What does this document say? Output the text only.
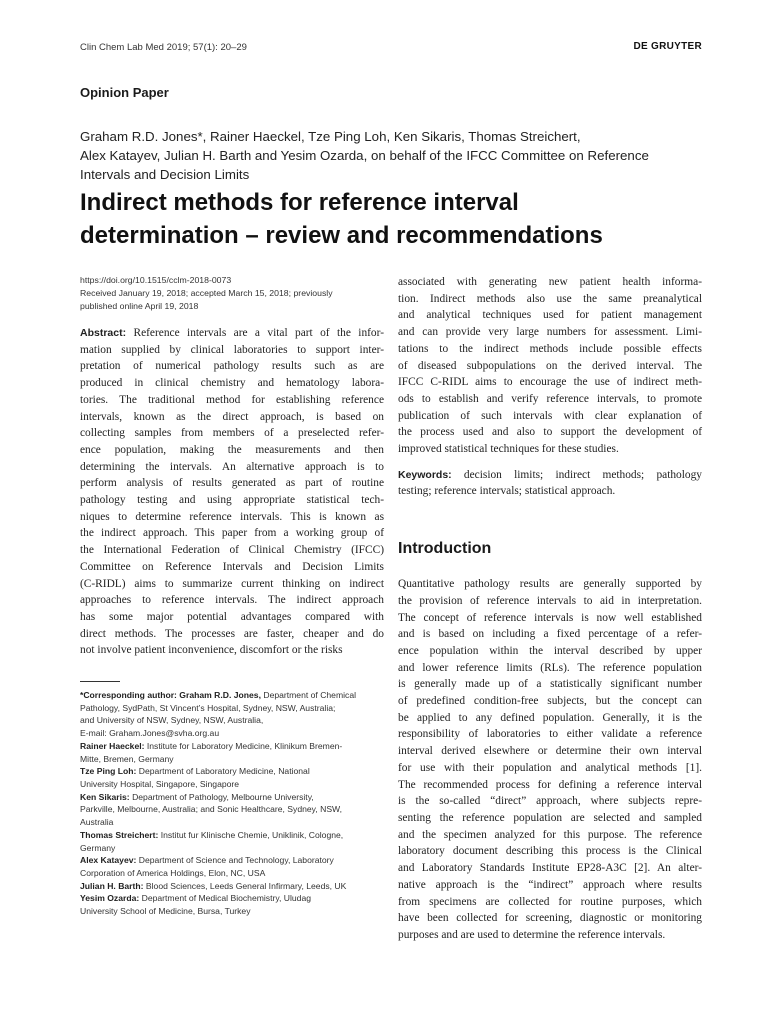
Clin Chem Lab Med 2019; 57(1): 20–29	DE GRUYTER
Opinion Paper
Graham R.D. Jones*, Rainer Haeckel, Tze Ping Loh, Ken Sikaris, Thomas Streichert,
Alex Katayev, Julian H. Barth and Yesim Ozarda, on behalf of the IFCC Committee on Reference
Intervals and Decision Limits
Indirect methods for reference interval
determination – review and recommendations
https://doi.org/10.1515/cclm-2018-0073
Received January 19, 2018; accepted March 15, 2018; previously
published online April 19, 2018
Abstract: Reference intervals are a vital part of the infor-
mation supplied by clinical laboratories to support inter-
pretation of numerical pathology results such as are
produced in clinical chemistry and hematology labora-
tories. The traditional method for establishing reference
intervals, known as the direct approach, is based on
collecting samples from members of a preselected refer-
ence population, making the measurements and then
determining the intervals. An alternative approach is to
perform analysis of results generated as part of routine
pathology testing and using appropriate statistical tech-
niques to determine reference intervals. This is known as
the indirect approach. This paper from a working group of
the International Federation of Clinical Chemistry (IFCC)
Committee on Reference Intervals and Decision Limits
(C-RIDL) aims to summarize current thinking on indirect
approaches to reference intervals. The indirect approach
has some major potential advantages compared with
direct methods. The processes are faster, cheaper and do
not involve patient inconvenience, discomfort or the risks
*Corresponding author: Graham R.D. Jones, Department of Chemical
Pathology, SydPath, St Vincent’s Hospital, Sydney, NSW, Australia;
and University of NSW, Sydney, NSW, Australia,
E-mail: Graham.Jones@svha.org.au
Rainer Haeckel: Institute for Laboratory Medicine, Klinikum Bremen-
Mitte, Bremen, Germany
Tze Ping Loh: Department of Laboratory Medicine, National
University Hospital, Singapore, Singapore
Ken Sikaris: Department of Pathology, Melbourne University,
Parkville, Melbourne, Australia; and Sonic Healthcare, Sydney, NSW,
Australia
Thomas Streichert: Institut fur Klinische Chemie, Uniklinik, Cologne,
Germany
Alex Katayev: Department of Science and Technology, Laboratory
Corporation of America Holdings, Elon, NC, USA
Julian H. Barth: Blood Sciences, Leeds General Infirmary, Leeds, UK
Yesim Ozarda: Department of Medical Biochemistry, Uludag
University School of Medicine, Bursa, Turkey
associated with generating new patient health informa-
tion. Indirect methods also use the same preanalytical
and analytical techniques used for patient management
and can provide very large numbers for assessment. Limi-
tations to the indirect methods include possible effects
of diseased subpopulations on the derived interval. The
IFCC C-RIDL aims to encourage the use of indirect meth-
ods to establish and verify reference intervals, to promote
publication of such intervals with clear explanation of
the process used and also to support the development of
improved statistical techniques for these studies.
Keywords: decision limits; indirect methods; pathology
testing; reference intervals; statistical approach.
Introduction
Quantitative pathology results are generally supported by
the provision of reference intervals to aid in interpretation.
The concept of reference intervals is now well established
and is based on including a fixed percentage of a refer-
ence population within the interval described by upper
and lower reference limits (RLs). The reference population
is generally made up of a statistically significant number
of predefined condition-free subjects, but the concept can
be applied to any defined population. Generally, it is the
responsibility of laboratories to either validate a reference
interval derived elsewhere or determine their own interval
for use with their population and analytical methods [1].
The recommended process for defining a reference interval
is the so-called “direct” approach, where subjects repre-
senting the reference population are selected and sampled
and the specimen analyzed for this purpose. The reference
laboratory document describing this process is the Clinical
and Laboratory Standards Institute EP28-A3C [2]. An alter-
native approach is the “indirect” approach where results
from specimens are collected for routine purposes, which
have been collected for screening, diagnostic or monitoring
purposes and are used to determine the reference intervals.
